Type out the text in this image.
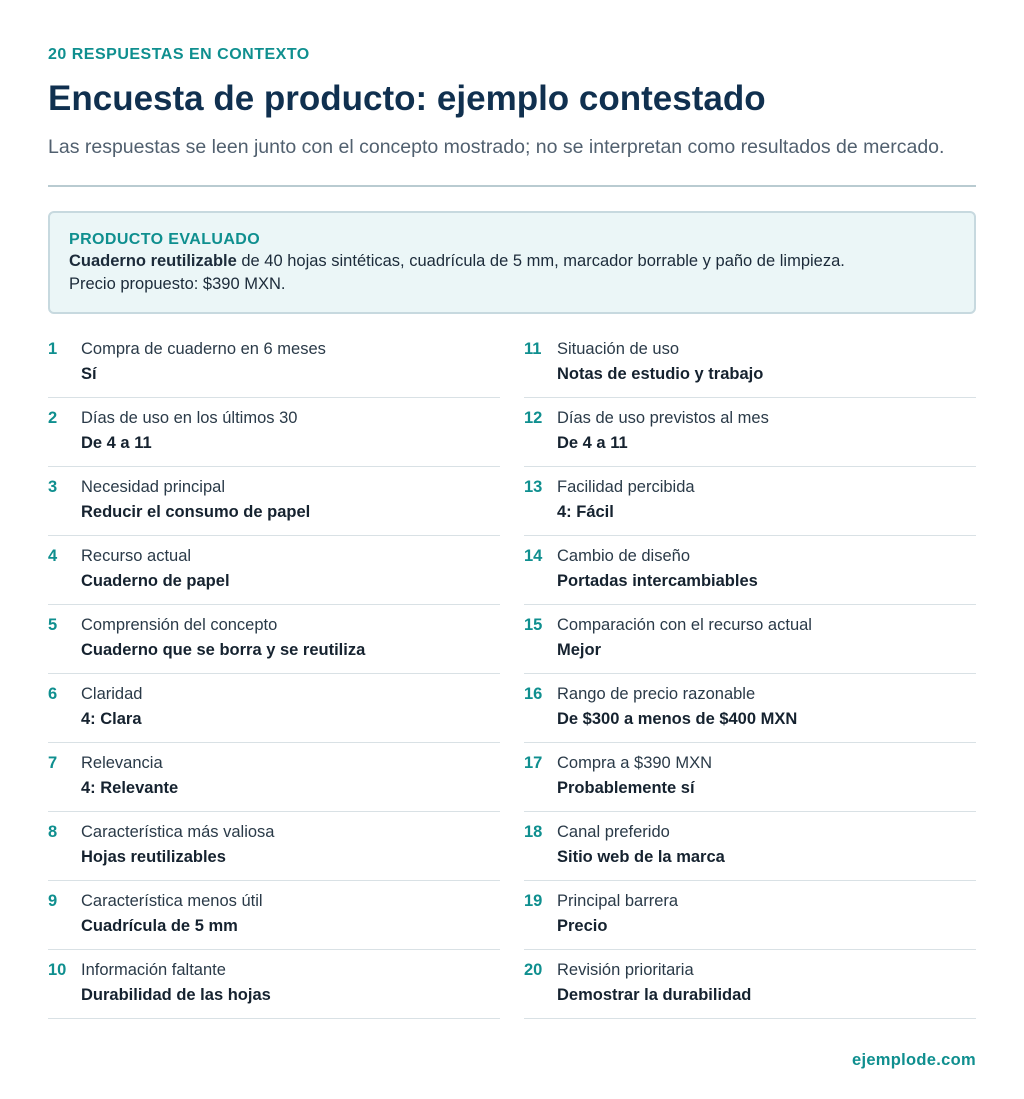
20 RESPUESTAS EN CONTEXTO
Encuesta de producto: ejemplo contestado
Las respuestas se leen junto con el concepto mostrado; no se interpretan como resultados de mercado.
PRODUCTO EVALUADO
Cuaderno reutilizable de 40 hojas sintéticas, cuadrícula de 5 mm, marcador borrable y paño de limpieza.
Precio propuesto: $390 MXN.
1 Compra de cuaderno en 6 meses
Sí
2 Días de uso en los últimos 30
De 4 a 11
3 Necesidad principal
Reducir el consumo de papel
4 Recurso actual
Cuaderno de papel
5 Comprensión del concepto
Cuaderno que se borra y se reutiliza
6 Claridad
4: Clara
7 Relevancia
4: Relevante
8 Característica más valiosa
Hojas reutilizables
9 Característica menos útil
Cuadrícula de 5 mm
10 Información faltante
Durabilidad de las hojas
11 Situación de uso
Notas de estudio y trabajo
12 Días de uso previstos al mes
De 4 a 11
13 Facilidad percibida
4: Fácil
14 Cambio de diseño
Portadas intercambiables
15 Comparación con el recurso actual
Mejor
16 Rango de precio razonable
De $300 a menos de $400 MXN
17 Compra a $390 MXN
Probablemente sí
18 Canal preferido
Sitio web de la marca
19 Principal barrera
Precio
20 Revisión prioritaria
Demostrar la durabilidad
ejemplode.com
